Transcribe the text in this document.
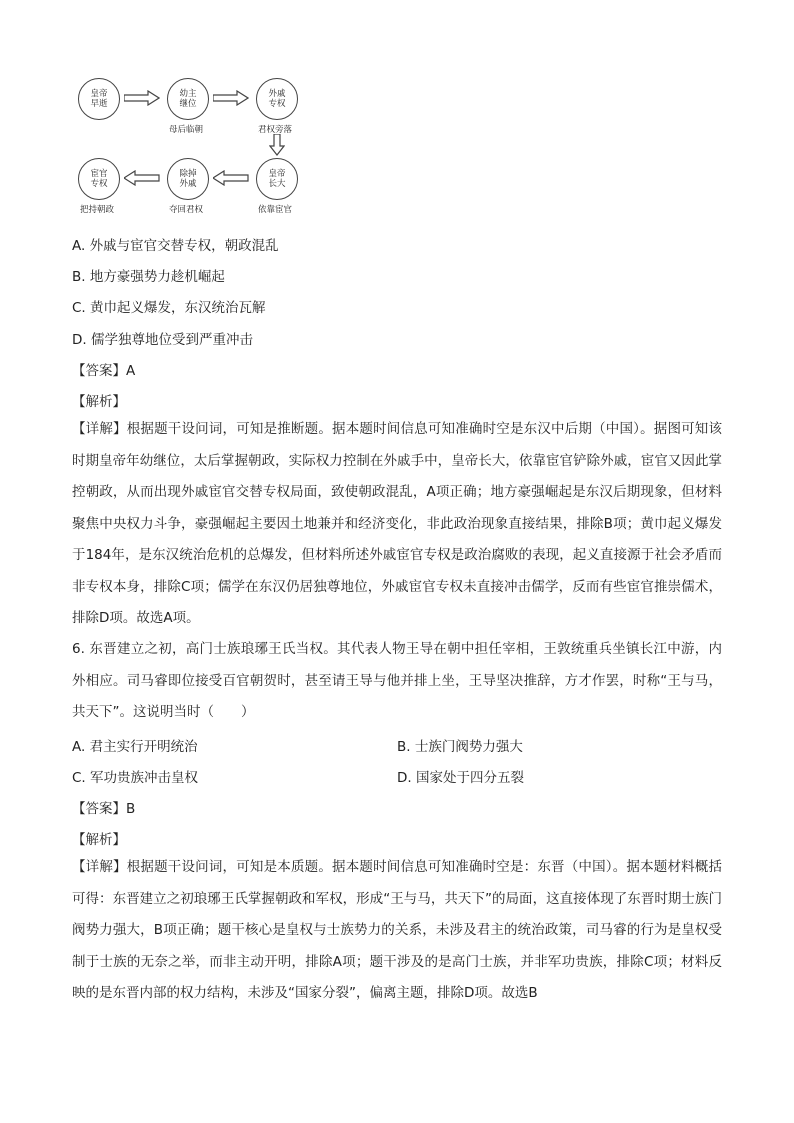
皇帝早逝
幼主继位
外戚专权
皇帝长大
除掉外戚
宦官专权
母后临朝	君权旁落
依靠宦官
夺回君权
把持朝政
A. 外戚与宦官交替专权，朝政混乱
B. 地方豪强势力趁机崛起
C. 黄巾起义爆发，东汉统治瓦解
D. 儒学独尊地位受到严重冲击
【答案】A
【解析】
【详解】根据题干设问词，可知是推断题。据本题时间信息可知准确时空是东汉中后期（中国）。据图可知该时期皇帝年幼继位，太后掌握朝政，实际权力控制在外戚手中，皇帝长大，依靠宦官铲除外戚，宦官又因此掌控朝政，从而出现外戚宦官交替专权局面，致使朝政混乱，A项正确；地方豪强崛起是东汉后期现象，但材料聚焦中央权力斗争，豪强崛起主要因土地兼并和经济变化，非此政治现象直接结果，排除B项；黄巾起义爆发于184年，是东汉统治危机的总爆发，但材料所述外戚宦官专权是政治腐败的表现，起义直接源于社会矛盾而非专权本身，排除C项；儒学在东汉仍居独尊地位，外戚宦官专权未直接冲击儒学，反而有些宦官推崇儒术，排除D项。故选A项。
6. 东晋建立之初，高门士族琅琊王氏当权。其代表人物王导在朝中担任宰相，王敦统重兵坐镇长江中游，内外相应。司马睿即位接受百官朝贺时，甚至请王导与他并排上坐，王导坚决推辞，方才作罢，时称“王与马，共天下”。这说明当时（　　）
A. 君主实行开明统治	B. 士族门阀势力强大
C. 军功贵族冲击皇权	D. 国家处于四分五裂
【答案】B
【解析】
【详解】根据题干设问词，可知是本质题。据本题时间信息可知准确时空是：东晋（中国）。据本题材料概括可得：东晋建立之初琅琊王氏掌握朝政和军权，形成“王与马，共天下”的局面，这直接体现了东晋时期士族门阀势力强大，B项正确；题干核心是皇权与士族势力的关系，未涉及君主的统治政策，司马睿的行为是皇权受制于士族的无奈之举，而非主动开明，排除A项；题干涉及的是高门士族，并非军功贵族，排除C项；材料反映的是东晋内部的权力结构，未涉及“国家分裂”，偏离主题，排除D项。故选B
